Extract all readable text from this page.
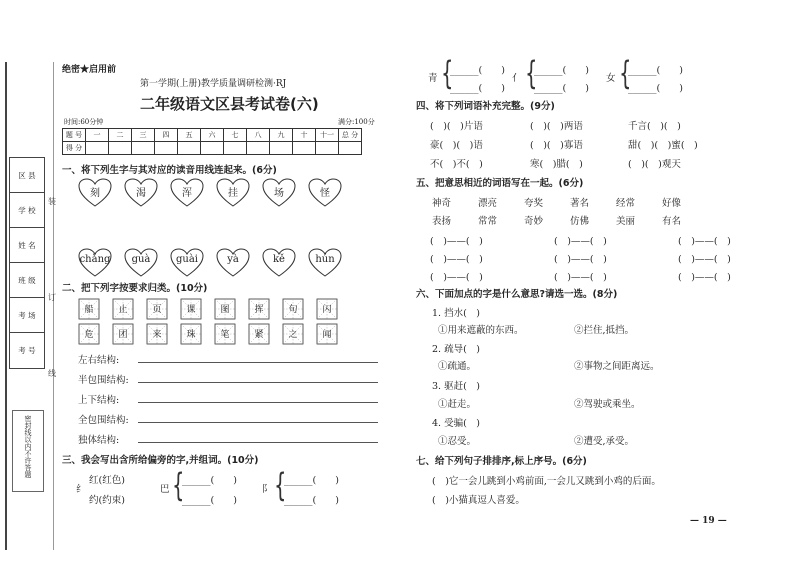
区 县
学 校
姓 名
班 级
考 场
考 号
装
订
线
密封线以内不许答题
绝密★启用前
第一学期(上册)教学质量调研检测·RJ
二年级语文区县考试卷(六)
时间:60分钟	满分:100分
题 号	一	二	三	四	五	六	七	八	九	十	十一	总 分
得 分												
一、将下列生字与其对应的读音用线连起来。(6分)
刻	渴	浑	挂	场	怪
chǎng	guà	guài	yà	kě	hún
二、把下列字按要求归类。(10分)
船	止	页	课	图	挥	句	闪
危	团	来	珠	笔	紧	之	闻
左右结构:
半包围结构:
上下结构:
全包围结构:
独体结构:
三、我会写出含所给偏旁的字,并组词。(10分)
纟
红(红色)
约(约束)
巴 {
______(　　)
______(　　)
阝 {
______(　　)
______(　　)
青 {
______(　　)
______(　　)
亻 {
______(　　)
______(　　)
女 {
______(　　)
______(　　)
四、将下列词语补充完整。(9分)
(　)(　)片语	(　)(　)两语	千言(　)(　)
豪(　)(　)语	(　)(　)寡语	甜(　)(　)蜜(　)
不(　)不(　)	寒(　)腊(　)	(　)(　)观天
五、把意思相近的词语写在一起。(6分)
神奇	漂亮	夸奖	著名	经常	好像
表扬	常常	奇妙	仿佛	美丽	有名
(　)——(　)	(　)——(　)	(　)——(　)
(　)——(　)	(　)——(　)	(　)——(　)
(　)——(　)	(　)——(　)	(　)——(　)
六、下面加点的字是什么意思?请选一选。(8分)
1. 挡水(　)
①用来遮蔽的东西。	②拦住,抵挡。
2. 疏导(　)
①疏通。	②事物之间距离远。
3. 驱赶(　)
①赶走。	②驾驶或乘坐。
4. 受骗(　)
①忍受。	②遭受,承受。
七、给下列句子排排序,标上序号。(6分)
(　)它一会儿跳到小鸡前面,一会儿又跳到小鸡的后面。
(　)小猫真逗人喜爱。
— 19 —
